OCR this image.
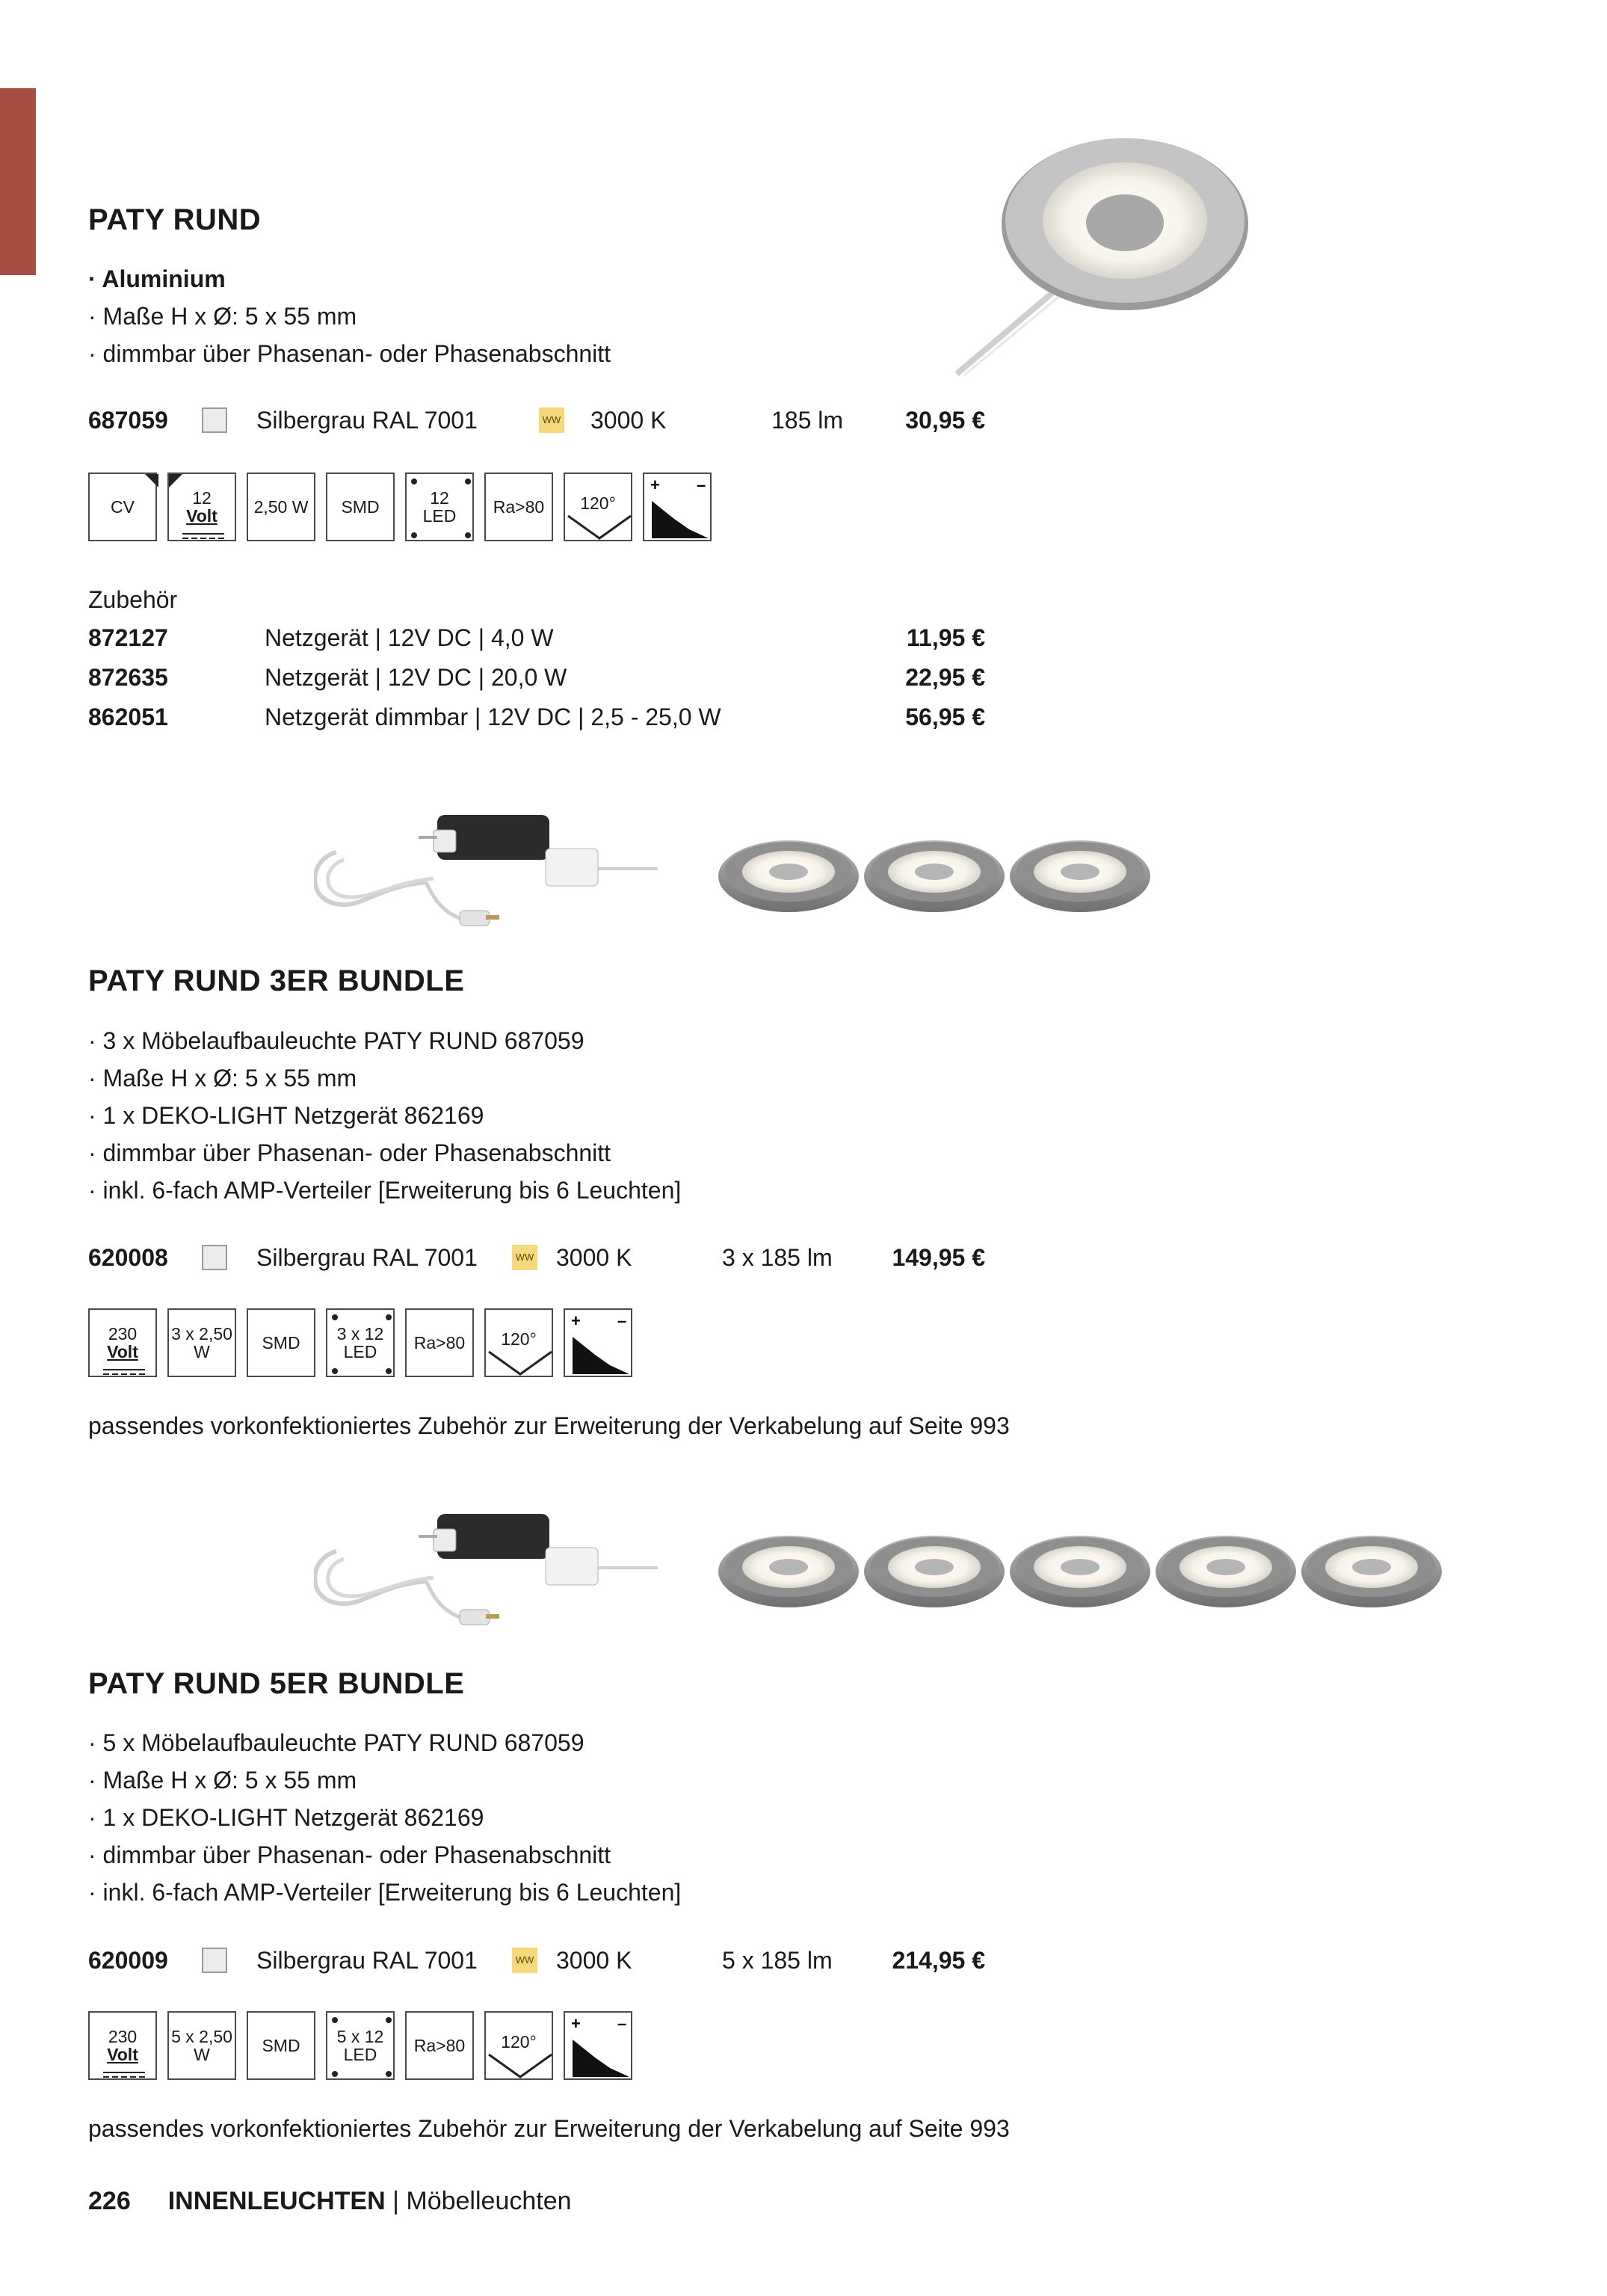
PATY RUND
· Aluminium
· Maße H x Ø: 5 x 55 mm
· dimmbar über Phasenan- oder Phasenabschnitt
687059	Silbergrau RAL 7001	WW 3000 K	185 lm	30,95 €
CV	12
Volt 2,50 W SMD	12
LED Ra>80 120°
+ –
Zubehör
872127	Netzgerät | 12V DC | 4,0 W	11,95 €
872635	Netzgerät | 12V DC | 20,0 W	22,95 €
862051	Netzgerät dimmbar | 12V DC | 2,5 - 25,0 W	56,95 €
PATY RUND 3ER BUNDLE
· 3 x Möbelaufbauleuchte PATY RUND 687059
· Maße H x Ø: 5 x 55 mm
· 1 x DEKO-LIGHT Netzgerät 862169
· dimmbar über Phasenan- oder Phasenabschnitt
· inkl. 6-fach AMP-Verteiler [Erweiterung bis 6 Leuchten]
620008	Silbergrau RAL 7001	WW 3000 K	3 x 185 lm 149,95 €
230
Volt
3 x 2,50
W	SMD 3 x 12
LED Ra>80 120°
+ –
passendes vorkonfektioniertes Zubehör zur Erweiterung der Verkabelung auf Seite 993
PATY RUND 5ER BUNDLE
· 5 x Möbelaufbauleuchte PATY RUND 687059
· Maße H x Ø: 5 x 55 mm
· 1 x DEKO-LIGHT Netzgerät 862169
· dimmbar über Phasenan- oder Phasenabschnitt
· inkl. 6-fach AMP-Verteiler [Erweiterung bis 6 Leuchten]
620009	Silbergrau RAL 7001	WW 3000 K	5 x 185 lm 214,95 €
230
Volt
5 x 2,50
W	SMD 5 x 12
LED Ra>80 120°
+ –
passendes vorkonfektioniertes Zubehör zur Erweiterung der Verkabelung auf Seite 993
226 INNENLEUCHTEN | Möbelleuchten
